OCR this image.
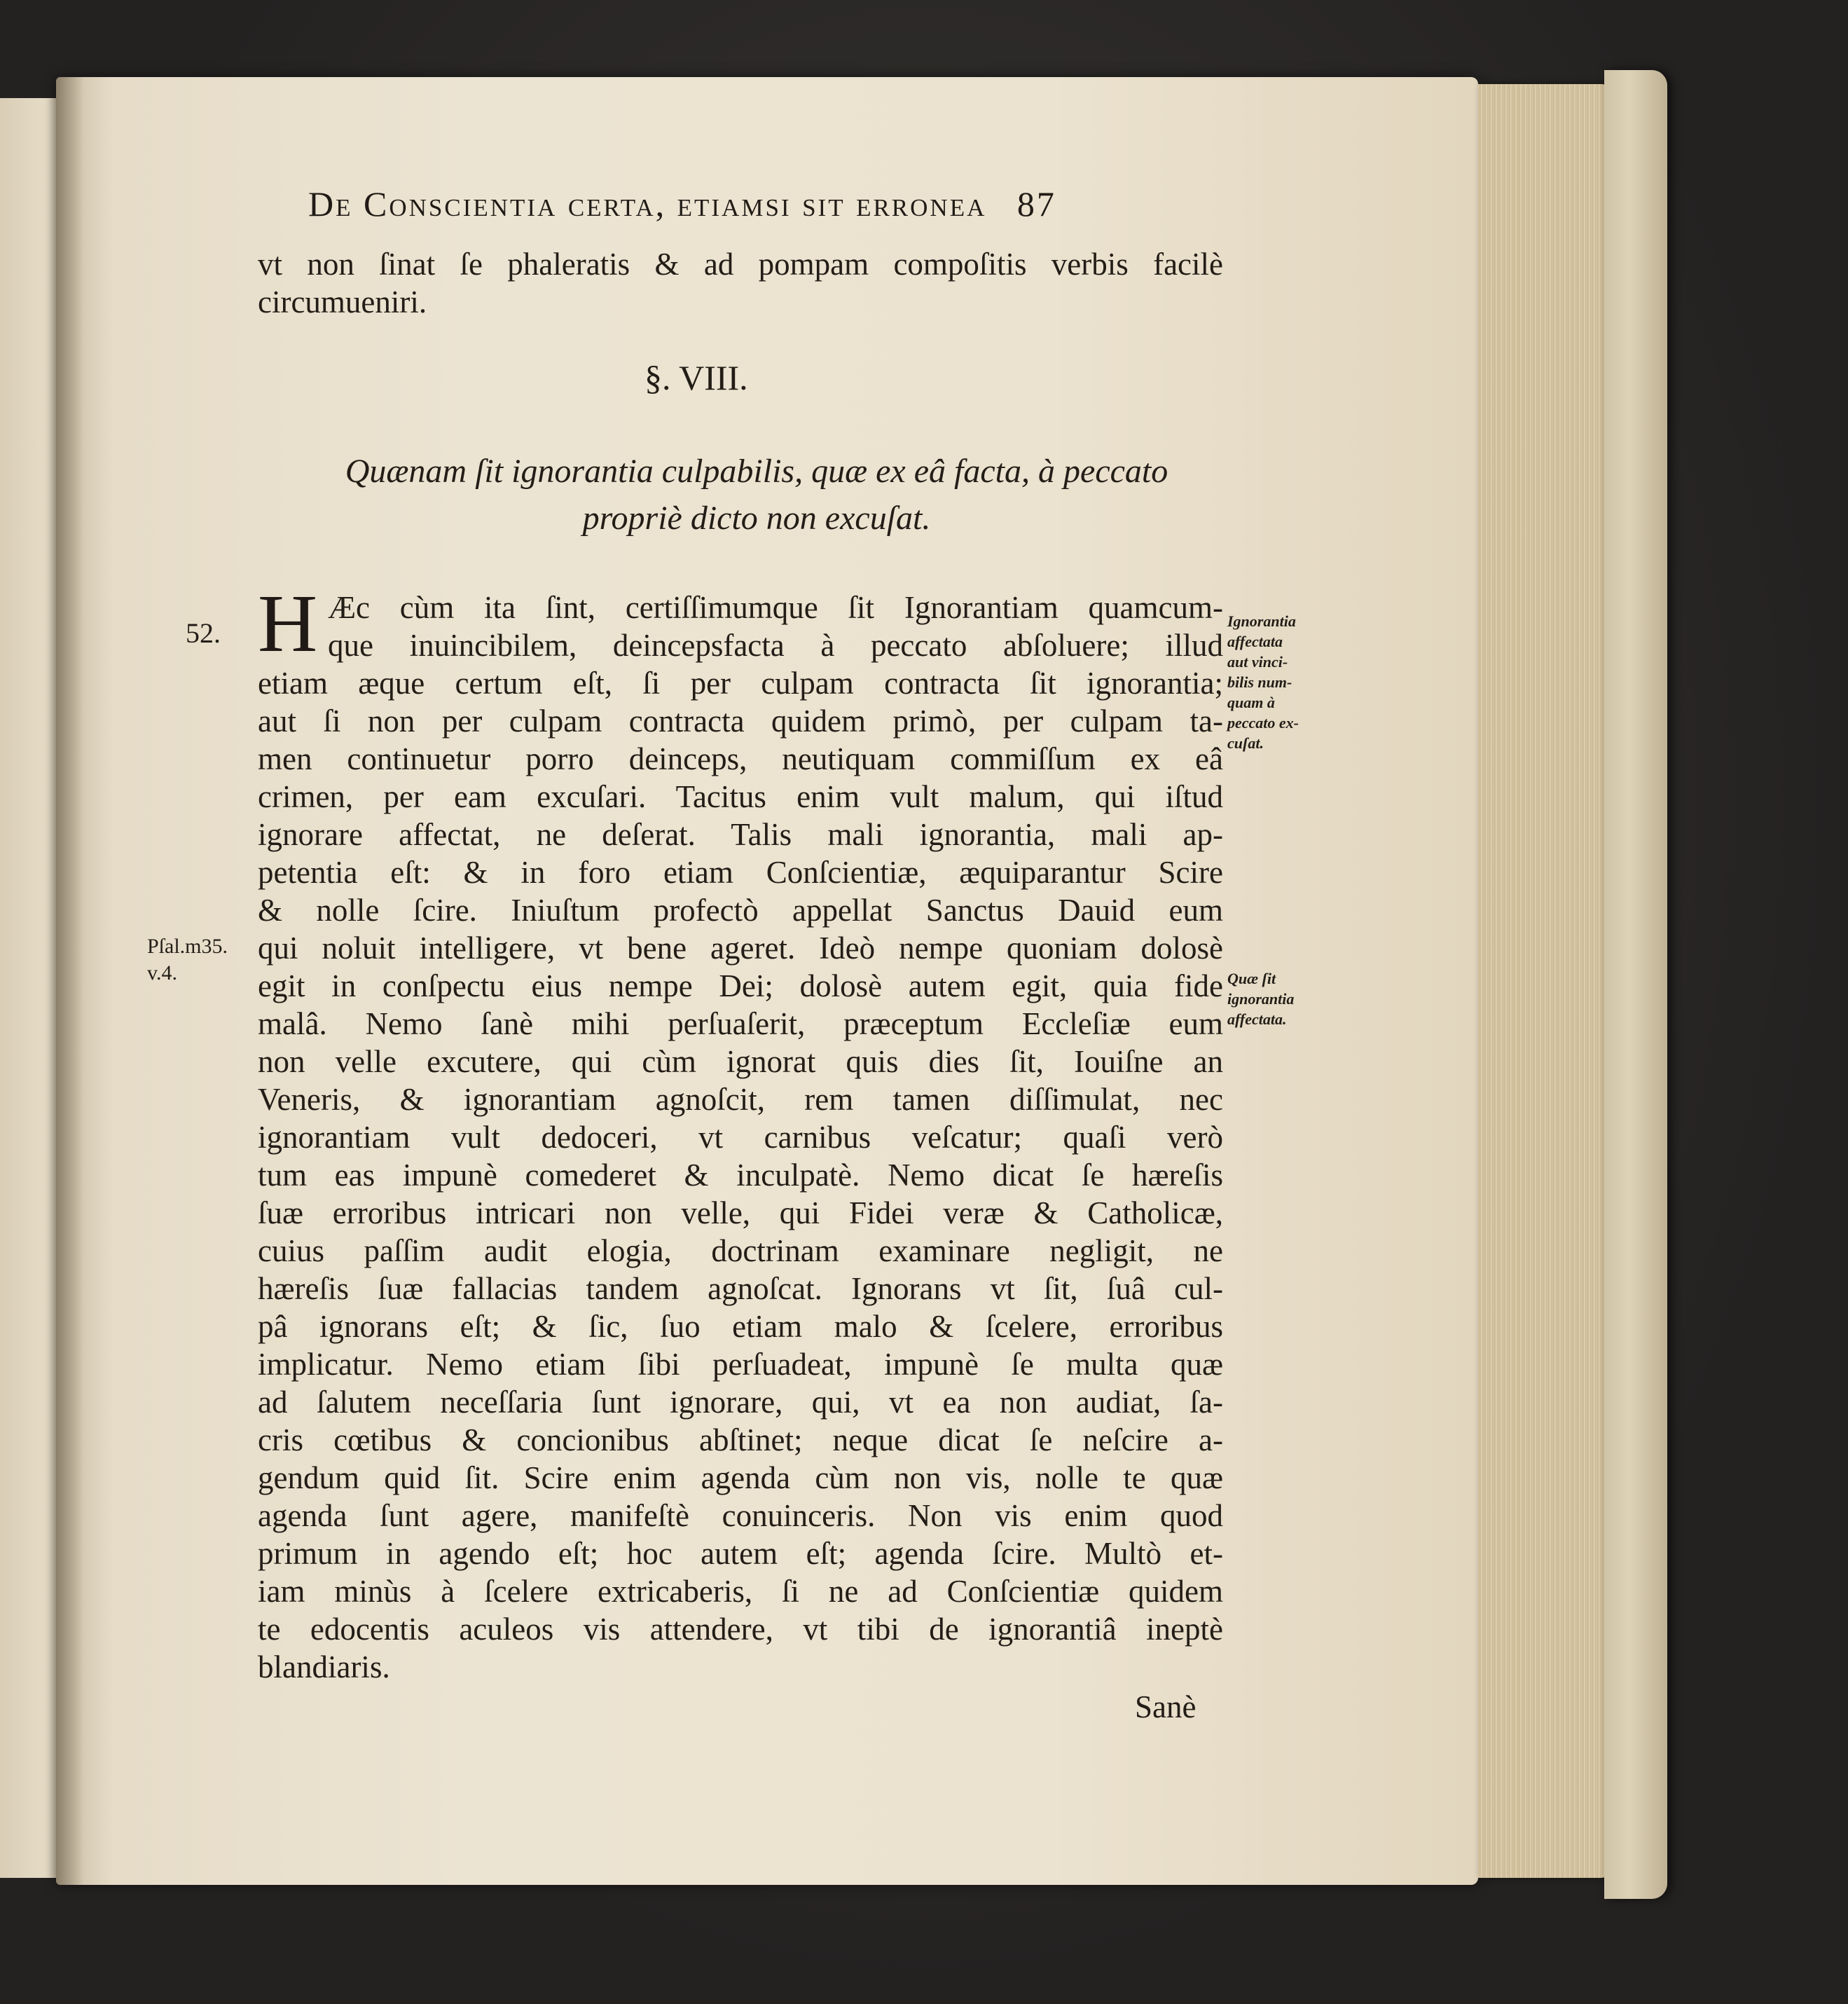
De Conscientia certa, etiamsi sit erronea 87
vt non ſinat ſe phaleratis & ad pompam compoſitis verbis facilè
circumueniri.
§. VIII.
Quænam ſit ignorantia culpabilis, quæ ex eâ facta, à peccato
propriè dicto non excuſat.
52. H Æc cùm ita ſint, certiſſimumque ſit Ignorantiam quamcum-
que inuincibilem, deincepsfacta à peccato abſoluere; illud
etiam æque certum eſt, ſi per culpam contracta ſit ignorantia;
aut ſi non per culpam contracta quidem primò, per culpam ta-
men continuetur porro deinceps, neutiquam commiſſum ex eâ
crimen, per eam excuſari. Tacitus enim vult malum, qui iſtud
ignorare affectat, ne deſerat. Talis mali ignorantia, mali ap-
petentia eſt: & in foro etiam Conſcientiæ, æquiparantur Scire
& nolle ſcire. Iniuſtum profectò appellat Sanctus Dauid eum
qui noluit intelligere, vt bene ageret. Ideò nempe quoniam dolosè
egit in conſpectu eius nempe Dei; dolosè autem egit, quia fide
malâ. Nemo ſanè mihi perſuaſerit, præceptum Eccleſiæ eum
non velle excutere, qui cùm ignorat quis dies ſit, Iouiſne an
Veneris, & ignorantiam agnoſcit, rem tamen diſſimulat, nec
ignorantiam vult dedoceri, vt carnibus veſcatur; quaſi verò
tum eas impunè comederet & inculpatè. Nemo dicat ſe hæreſis
ſuæ erroribus intricari non velle, qui Fidei veræ & Catholicæ,
cuius paſſim audit elogia, doctrinam examinare negligit, ne
hæreſis ſuæ fallacias tandem agnoſcat. Ignorans vt ſit, ſuâ cul-
pâ ignorans eſt; & ſic, ſuo etiam malo & ſcelere, erroribus
implicatur. Nemo etiam ſibi perſuadeat, impunè ſe multa quæ
ad ſalutem neceſſaria ſunt ignorare, qui, vt ea non audiat, ſa-
cris cœtibus & concionibus abſtinet; neque dicat ſe neſcire a-
gendum quid ſit. Scire enim agenda cùm non vis, nolle te quæ
agenda ſunt agere, manifeſtè conuinceris. Non vis enim quod
primum in agendo eſt; hoc autem eſt; agenda ſcire. Multò et-
iam minùs à ſcelere extricaberis, ſi ne ad Conſcientiæ quidem
te edocentis aculeos vis attendere, vt tibi de ignorantiâ ineptè
blandiaris.
Pſal.m35.
v.4.
Ignorantia
affectata
aut vinci-
bilis num-
quam à
peccato ex-
cuſat.
Quæ ſit
ignorantia
affectata.
Sanè
